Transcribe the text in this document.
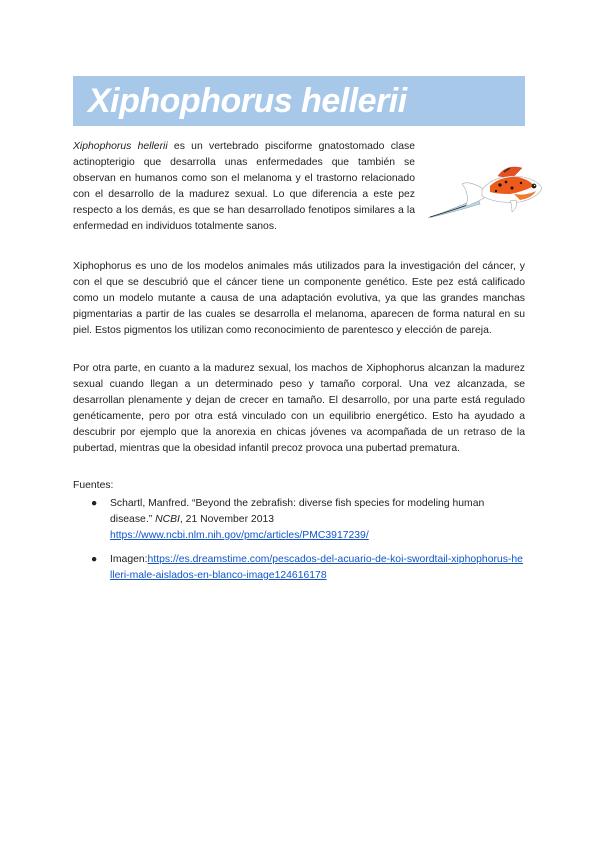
Xiphophorus hellerii

Xiphophorus hellerii es un vertebrado pisciforme gnatostomado clase actinopterigio que desarrolla unas enfermedades que también se observan en humanos como son el melanoma y el trastorno relacionado con el desarrollo de la madurez sexual. Lo que diferencia a este pez respecto a los demás, es que se han desarrollado fenotipos similares a la enfermedad en individuos totalmente sanos.

Xiphophorus es uno de los modelos animales más utilizados para la investigación del cáncer, y con el que se descubrió que el cáncer tiene un componente genético. Este pez está calificado como un modelo mutante a causa de una adaptación evolutiva, ya que las grandes manchas pigmentarias a partir de las cuales se desarrolla el melanoma, aparecen de forma natural en su piel. Estos pigmentos los utilizan como reconocimiento de parentesco y elección de pareja.

Por otra parte, en cuanto a la madurez sexual, los machos de Xiphophorus alcanzan la madurez sexual cuando llegan a un determinado peso y tamaño corporal. Una vez alcanzada, se desarrollan plenamente y dejan de crecer en tamaño. El desarrollo, por una parte está regulado genéticamente, pero por otra está vinculado con un equilibrio energético. Esto ha ayudado a descubrir por ejemplo que la anorexia en chicas jóvenes va acompañada de un retraso de la pubertad, mientras que la obesidad infantil precoz provoca una pubertad prematura.

Fuentes:

● Schartl, Manfred. “Beyond the zebrafish: diverse fish species for modeling human disease.” NCBI, 21 November 2013
https://www.ncbi.nlm.nih.gov/pmc/articles/PMC3917239/
● Imagen:https://es.dreamstime.com/pescados-del-acuario-de-koi-swordtail-xiphophorus-helleri-male-aislados-en-blanco-image124616178
